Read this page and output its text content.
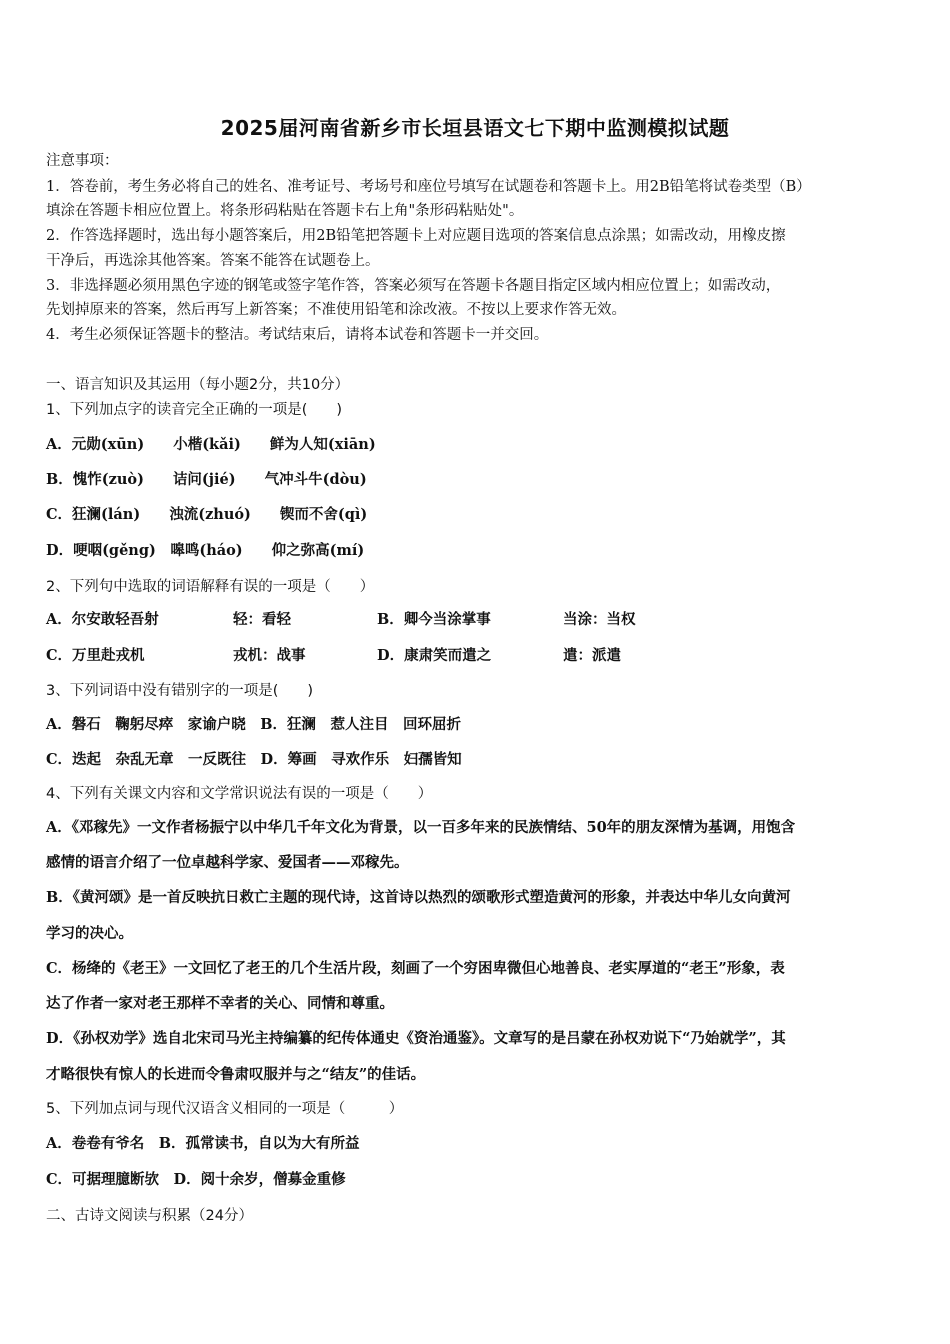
2025届河南省新乡市长垣县语文七下期中监测模拟试题
注意事项：
1．答卷前，考生务必将自己的姓名、准考证号、考场号和座位号填写在试题卷和答题卡上。用2B铅笔将试卷类型（B）
填涂在答题卡相应位置上。将条形码粘贴在答题卡右上角"条形码粘贴处"。
2．作答选择题时，选出每小题答案后，用2B铅笔把答题卡上对应题目选项的答案信息点涂黑；如需改动，用橡皮擦
干净后，再选涂其他答案。答案不能答在试题卷上。
3．非选择题必须用黑色字迹的钢笔或签字笔作答，答案必须写在答题卡各题目指定区域内相应位置上；如需改动，
先划掉原来的答案，然后再写上新答案；不准使用铅笔和涂改液。不按以上要求作答无效。
4．考生必须保证答题卡的整洁。考试结束后，请将本试卷和答题卡一并交回。
一、语言知识及其运用（每小题2分，共10分）
1、下列加点字的读音完全正确的一项是(　　)
A．元勋(xūn)　　小楷(kǎi)　　鲜为人知(xiān)
B．愧怍(zuò)　　诘问(jié)　　气冲斗牛(dòu)
C．狂澜(lán)　　浊流(zhuó)　　锲而不舍(qì)
D．哽咽(gěng)　嗥鸣(háo)　　仰之弥高(mí)
2、下列句中选取的词语解释有误的一项是（　　）
A．尔安敢轻吾射	轻：看轻	B．卿今当涂掌事	当涂：当权
C．万里赴戎机	戎机：战事	D．康肃笑而遣之	遣：派遣
3、下列词语中没有错别字的一项是(　　)
A．磐石　鞠躬尽瘁　家谕户晓　B．狂澜　惹人注目　回环屈折
C．迭起　杂乱无章　一反既往　D．筹画　寻欢作乐　妇孺皆知
4、下列有关课文内容和文学常识说法有误的一项是（　　）
A．《邓稼先》一文作者杨振宁以中华几千年文化为背景，以一百多年来的民族情结、50年的朋友深情为基调，用饱含
感情的语言介绍了一位卓越科学家、爱国者——邓稼先。
B．《黄河颂》是一首反映抗日救亡主题的现代诗，这首诗以热烈的颂歌形式塑造黄河的形象，并表达中华儿女向黄河
学习的决心。
C．杨绛的《老王》一文回忆了老王的几个生活片段，刻画了一个穷困卑微但心地善良、老实厚道的“老王”形象，表
达了作者一家对老王那样不幸者的关心、同情和尊重。
D．《孙权劝学》选自北宋司马光主持编纂的纪传体通史《资治通鉴》。文章写的是吕蒙在孙权劝说下“乃始就学”，其
才略很快有惊人的长进而令鲁肃叹服并与之“结友”的佳话。
5、下列加点词与现代汉语含义相同的一项是（　　　）
A．卷卷有爷名　B．孤常读书，自以为大有所益
C．可据理臆断欤　D．阅十余岁，僧募金重修
二、古诗文阅读与积累（24分）
